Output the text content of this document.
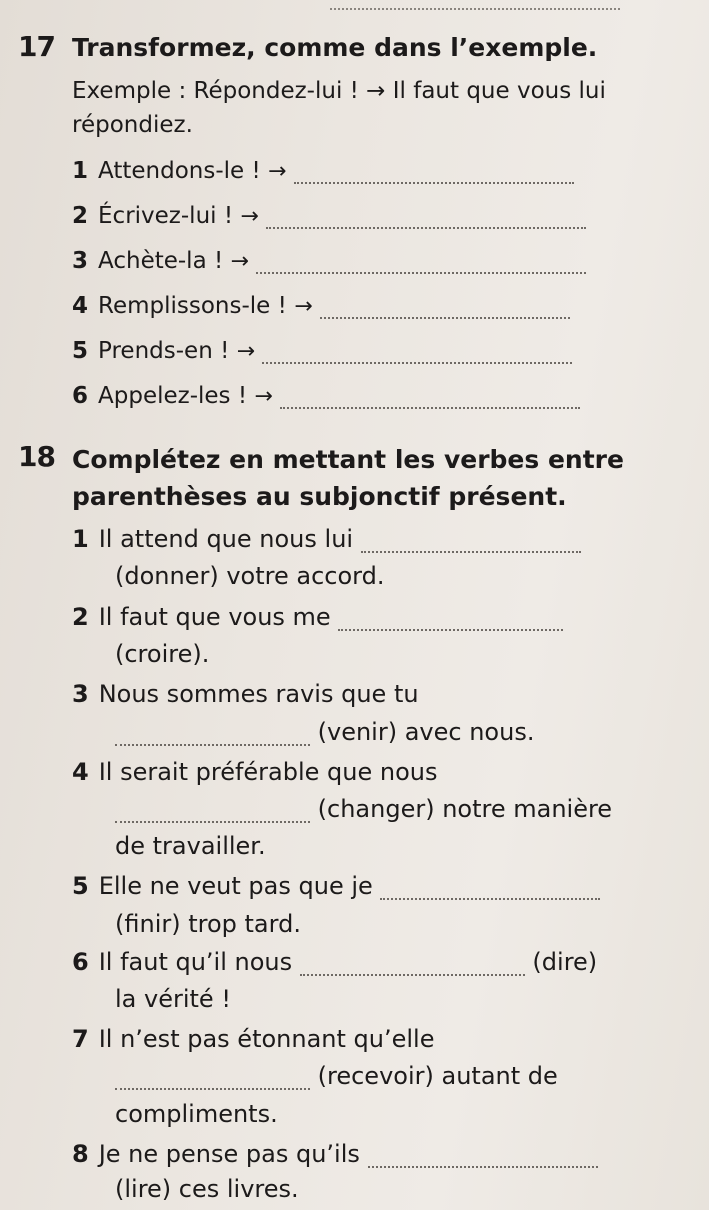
17 Transformez, comme dans l’exemple.
Exemple : Répondez-lui ! → Il faut que vous lui
répondiez.
1 Attendons-le ! →
2 Écrivez-lui ! →
3 Achète-la ! →
4 Remplissons-le ! →
5 Prends-en ! →
6 Appelez-les ! →
18 Complétez en mettant les verbes entre
parenthèses au subjonctif présent.
1 Il attend que nous lui
(donner) votre accord.
2 Il faut que vous me
(croire).
3 Nous sommes ravis que tu
(venir) avec nous.
4 Il serait préférable que nous
(changer) notre manière
de travailler.
5 Elle ne veut pas que je
(finir) trop tard.
6 Il faut qu’il nous	(dire)
la vérité !
7 Il n’est pas étonnant qu’elle
(recevoir) autant de
compliments.
8 Je ne pense pas qu’ils
(lire) ces livres.
